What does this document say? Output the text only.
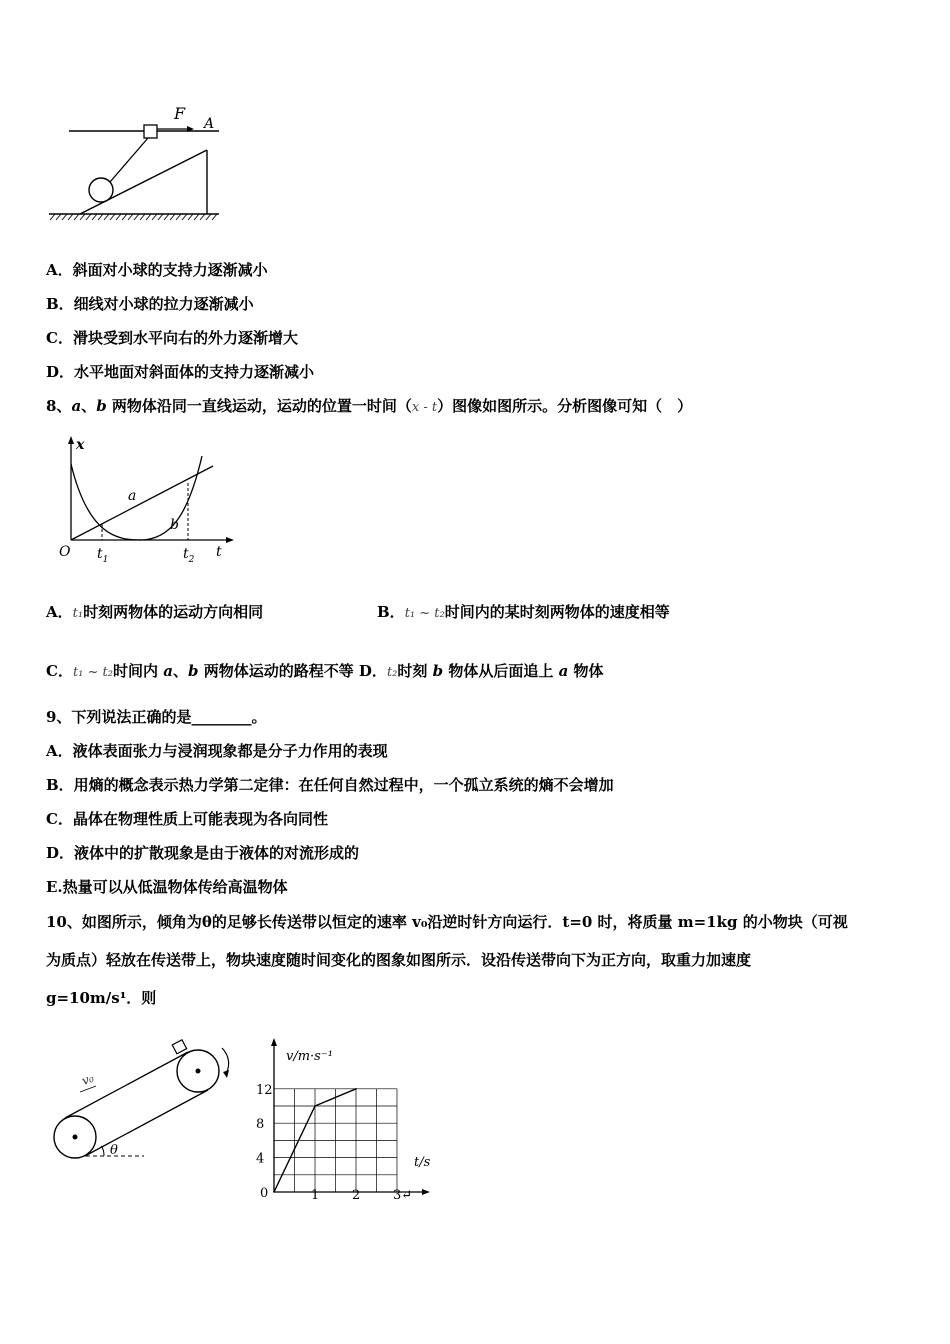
F
A
A．斜面对小球的支持力逐渐减小
B．细线对小球的拉力逐渐减小
C．滑块受到水平向右的外力逐渐增大
D．水平地面对斜面体的支持力逐渐减小
8、a、b 两物体沿同一直线运动，运动的位置一时间（x - t）图像如图所示。分析图像可知（　）
x
a
b
O $t_1$	$t_2$ t
A．t₁时刻两物体的运动方向相同	B．t₁ ~ t₂时间内的某时刻两物体的速度相等
C．t₁ ~ t₂时间内 a、b 两物体运动的路程不等 D．t₂时刻 b 物体从后面追上 a 物体
9、下列说法正确的是________。
A．液体表面张力与浸润现象都是分子力作用的表现
B．用熵的概念表示热力学第二定律：在任何自然过程中，一个孤立系统的熵不会增加
C．晶体在物理性质上可能表现为各向同性
D．液体中的扩散现象是由于液体的对流形成的
E.热量可以从低温物体传给高温物体
10、如图所示，倾角为θ的足够长传送带以恒定的速率 v₀沿逆时针方向运行．t=0 时，将质量 m=1kg 的小物块（可视
为质点）轻放在传送带上，物块速度随时间变化的图象如图所示．设沿传送带向下为正方向，取重力加速度
g=10m/s¹．则
v₀
θ
v/m·s⁻¹
t/s
0
4
8
12
1	2	3↵
